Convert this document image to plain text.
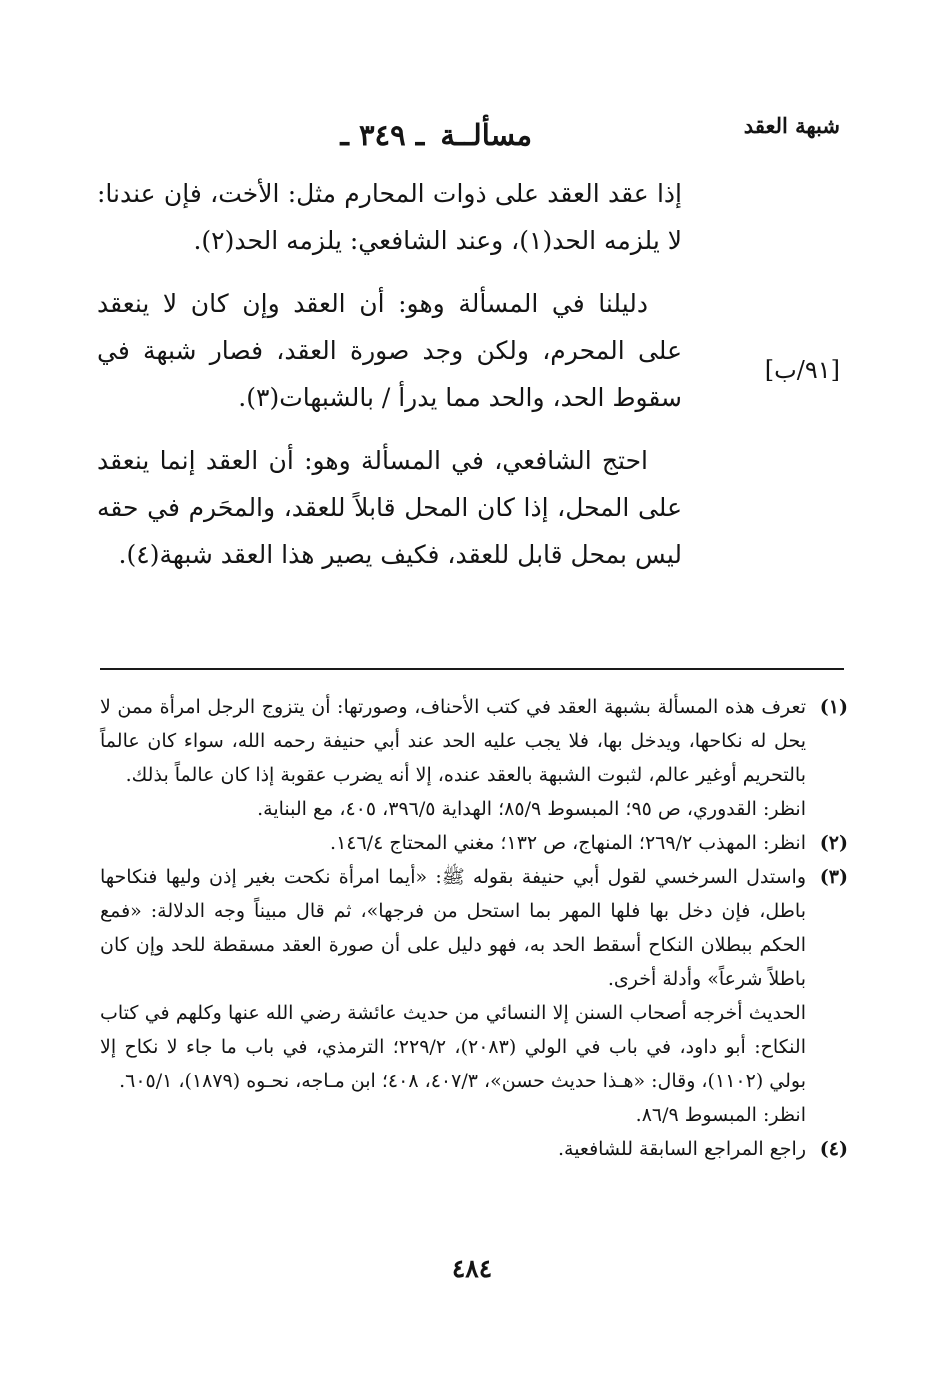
شبهة العقد
مسألــة ـ ٣٤٩ ـ
[٩١/ب]

إذا عقد العقد على ذوات المحارم مثل: الأخت، فإن عندنا: لا يلزمه الحد(١)، وعند الشافعي: يلزمه الحد(٢).

دليلنا في المسألة وهو: أن العقد وإن كان لا ينعقد على المحرم، ولكن وجد صورة العقد، فصار شبهة في سقوط الحد، والحد مما يدرأ / بالشبهات(٣).

احتج الشافعي، في المسألة وهو: أن العقد إنما ينعقد على المحل، إذا كان المحل قابلاً للعقد، والمحَرم في حقه ليس بمحل قابل للعقد، فكيف يصير هذا العقد شبهة(٤).

(١)

تعرف هذه المسألة بشبهة العقد في كتب الأحناف، وصورتها: أن يتزوج الرجل امرأة ممن لا يحل له نكاحها، ويدخل بها، فلا يجب عليه الحد عند أبي حنيفة رحمه الله، سواء كان عالماً بالتحريم أوغير عالم، لثبوت الشبهة بالعقد عنده، إلا أنه يضرب عقوبة إذا كان عالماً بذلك.

انظر: القدوري، ص ٩٥؛ المبسوط ٨٥/٩؛ الهداية ٣٩٦/٥، ٤٠٥، مع البناية.

(٢)

انظر: المهذب ٢٦٩/٢؛ المنهاج، ص ١٣٢؛ مغني المحتاج ١٤٦/٤.

(٣)

واستدل السرخسي لقول أبي حنيفة بقوله ﷺ: «أيما امرأة نكحت بغير إذن وليها فنكاحها باطل، فإن دخل بها فلها المهر بما استحل من فرجها»، ثم قال مبيناً وجه الدلالة: «فمع الحكم ببطلان النكاح أسقط الحد به، فهو دليل على أن صورة العقد مسقطة للحد وإن كان باطلاً شرعاً» وأدلة أخرى.

الحديث أخرجه أصحاب السنن إلا النسائي من حديث عائشة رضي الله عنها وكلهم في كتاب النكاح: أبو داود، في باب في الولي (٢٠٨٣)، ٢٢٩/٢؛ الترمذي، في باب ما جاء لا نكاح إلا بولي (١١٠٢)، وقال: «هـذا حديث حسن»، ٤٠٧/٣، ٤٠٨؛ ابن مـاجه، نحـوه (١٨٧٩)، ٦٠٥/١.

انظر: المبسوط ٨٦/٩.

(٤)

راجع المراجع السابقة للشافعية.

٤٨٤
